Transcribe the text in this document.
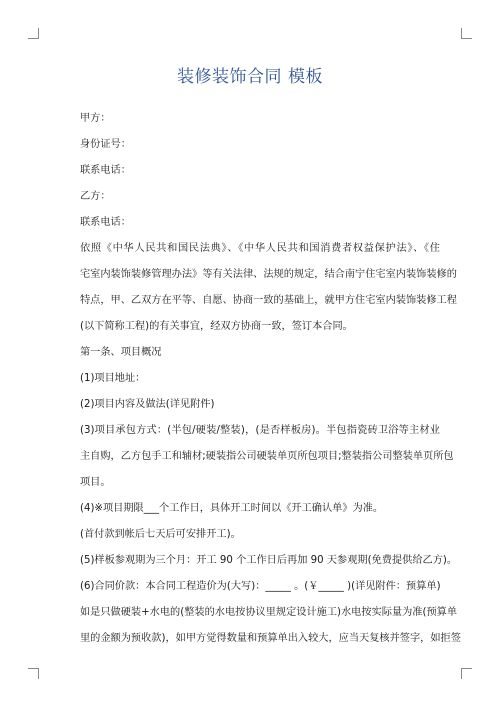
装修装饰合同 模板
甲方：
身份证号：
联系电话：
乙方：
联系电话：
依照《中华人民共和国民法典》、《中华人民共和国消费者权益保护法》、《住
宅室内装饰装修管理办法》等有关法律、法规的规定，结合南宁住宅室内装饰装修的
特点，甲、乙双方在平等、自愿、协商一致的基础上，就甲方住宅室内装饰装修工程
(以下简称工程)的有关事宜，经双方协商一致，签订本合同。
第一条、项目概况
(1)项目地址：
(2)项目内容及做法(详见附件)
(3)项目承包方式：(半包/硬装/整装)，(是否样板房)。半包指瓷砖卫浴等主材业
主自购，乙方包手工和辅材;硬装指公司硬装单页所包项目;整装指公司整装单页所包
项目。
(4)※项目期限___个工作日，具体开工时间以《开工确认单》为准。
(首付款到帐后七天后可安排开工)。
(5)样板参观期为三个月：开工 90 个工作日后再加 90 天参观期(免费提供给乙方)。
(6)合同价款：本合同工程造价为(大写)：_____ 。(￥_____ )(详见附件：预算单)
如是只做硬装+水电的(整装的水电按协议里规定设计施工)水电按实际量为准(预算单
里的金额为预收款)，如甲方觉得数量和预算单出入较大，应当天复核并签字，如拒签
